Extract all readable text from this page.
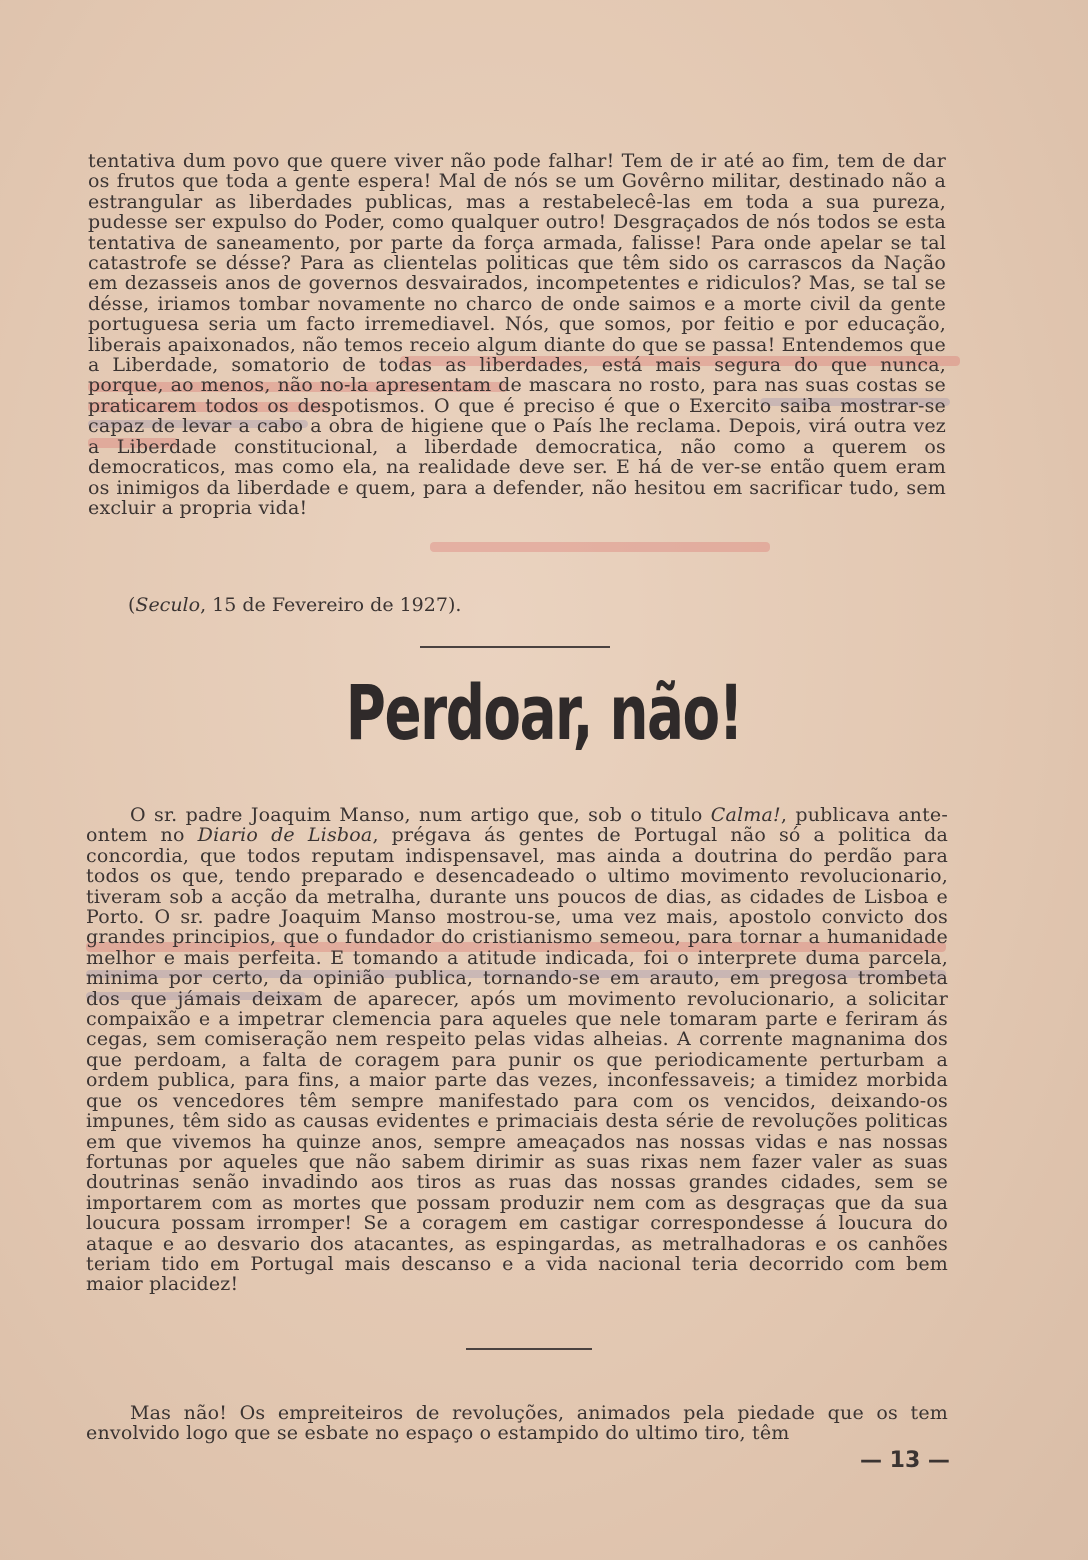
tentativa dum povo que quere viver não pode falhar! Tem de ir até ao fim, tem de dar os frutos que toda a gente espera! Mal de nós se um Govêrno militar, destinado não a estrangular as liberdades publicas, mas a restabelecê-las em toda a sua pureza, pudesse ser expulso do Poder, como qualquer outro! Desgraçados de nós todos se esta tentativa de saneamento, por parte da força armada, falisse! Para onde apelar se tal catastrofe se désse? Para as clientelas politicas que têm sido os carrascos da Nação em dezasseis anos de governos desvairados, incompetentes e ridiculos? Mas, se tal se désse, iriamos tombar novamente no charco de onde saimos e a morte civil da gente portuguesa seria um facto irremediavel. Nós, que somos, por feitio e por educação, liberais apaixonados, não temos receio algum diante do que se passa! Entendemos que a Liberdade, somatorio de todas as liberdades, está mais segura do que nunca, porque, ao menos, não no-la apresentam de mascara no rosto, para nas suas costas se praticarem todos os despotismos. O que é preciso é que o Exercito saiba mostrar-se capaz de levar a cabo a obra de higiene que o País lhe reclama. Depois, virá outra vez a Liberdade constitucional, a liberdade democratica, não como a querem os democraticos, mas como ela, na realidade deve ser. E há de ver-se então quem eram os inimigos da liberdade e quem, para a defender, não hesitou em sacrificar tudo, sem excluir a propria vida!

(Seculo, 15 de Fevereiro de 1927).
Perdoar, não!

O sr. padre Joaquim Manso, num artigo que, sob o titulo Calma!, publicava ante-ontem no Diario de Lisboa, prégava ás gentes de Portugal não só a politica da concordia, que todos reputam indispensavel, mas ainda a doutrina do perdão para todos os que, tendo preparado e desencadeado o ultimo movimento revolucionario, tiveram sob a acção da metralha, durante uns poucos de dias, as cidades de Lisboa e Porto. O sr. padre Joaquim Manso mostrou-se, uma vez mais, apostolo convicto dos grandes principios, que o fundador do cristianismo semeou, para tornar a humanidade melhor e mais perfeita. E tomando a atitude indicada, foi o interprete duma parcela, minima por certo, da opinião publica, tornando-se em arauto, em pregosa trombeta dos que jámais deixam de aparecer, após um movimento revolucionario, a solicitar compaixão e a impetrar clemencia para aqueles que nele tomaram parte e feriram ás cegas, sem comiseração nem respeito pelas vidas alheias. A corrente magnanima dos que perdoam, a falta de coragem para punir os que periodicamente perturbam a ordem publica, para fins, a maior parte das vezes, inconfessaveis; a timidez morbida que os vencedores têm sempre manifestado para com os vencidos, deixando-os impunes, têm sido as causas evidentes e primaciais desta série de revoluções politicas em que vivemos ha quinze anos, sempre ameaçados nas nossas vidas e nas nossas fortunas por aqueles que não sabem dirimir as suas rixas nem fazer valer as suas doutrinas senão invadindo aos tiros as ruas das nossas grandes cidades, sem se importarem com as mortes que possam produzir nem com as desgraças que da sua loucura possam irromper! Se a coragem em castigar correspondesse á loucura do ataque e ao desvario dos atacantes, as espingardas, as metralhadoras e os canhões teriam tido em Portugal mais descanso e a vida nacional teria decorrido com bem maior placidez!

Mas não! Os empreiteiros de revoluções, animados pela piedade que os tem envolvido logo que se esbate no espaço o estampido do ultimo tiro, têm

— 13 —
